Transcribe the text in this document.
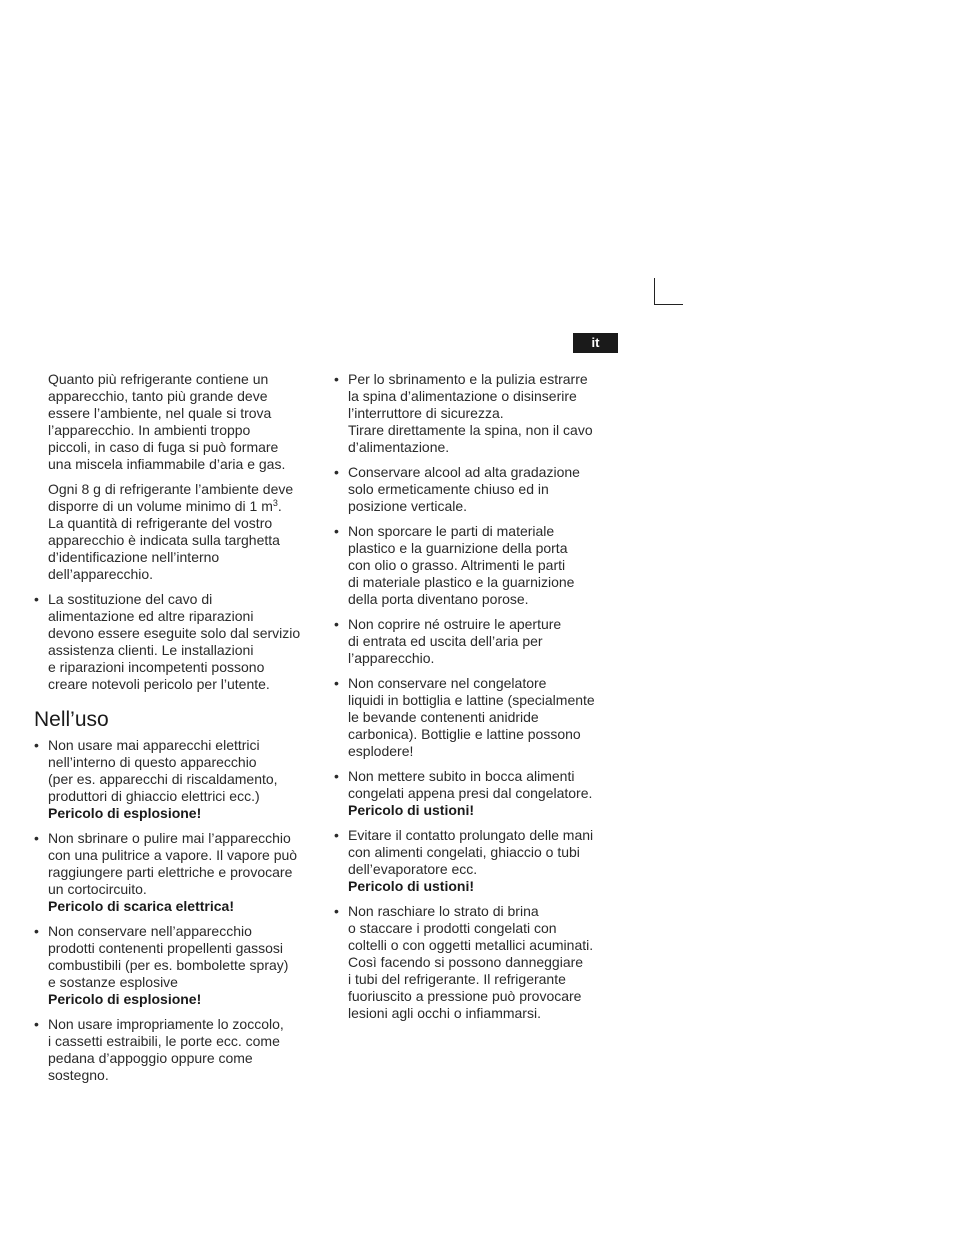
it

Quanto più refrigerante contiene un
apparecchio, tanto più grande deve
essere l’ambiente, nel quale si trova
l’apparecchio. In ambienti troppo
piccoli, in caso di fuga si può formare
una miscela infiammabile d’aria e gas.

Ogni 8 g di refrigerante l’ambiente deve
disporre di un volume minimo di 1 $m^3$.
La quantità di refrigerante del vostro
apparecchio è indicata sulla targhetta
d’identificazione nell’interno
dell’apparecchio.

• La sostituzione del cavo di
alimentazione ed altre riparazioni
devono essere eseguite solo dal servizio
assistenza clienti. Le installazioni
e riparazioni incompetenti possono
creare notevoli pericolo per l’utente.

Nell’uso
• Non usare mai apparecchi elettrici
nell’interno di questo apparecchio
(per es. apparecchi di riscaldamento,
produttori di ghiaccio elettrici ecc.)

Pericolo di esplosione!

• Non sbrinare o pulire mai l’apparecchio
con una pulitrice a vapore. Il vapore può
raggiungere parti elettriche e provocare
un cortocircuito.

Pericolo di scarica elettrica!

• Non conservare nell’apparecchio
prodotti contenenti propellenti gassosi
combustibili (per es. bombolette spray)
e sostanze esplosive

Pericolo di esplosione!

• Non usare impropriamente lo zoccolo,
i cassetti estraibili, le porte ecc. come
pedana d’appoggio oppure come
sostegno.

• Per lo sbrinamento e la pulizia estrarre
la spina d’alimentazione o disinserire
l’interruttore di sicurezza.
Tirare direttamente la spina, non il cavo
d’alimentazione.

• Conservare alcool ad alta gradazione
solo ermeticamente chiuso ed in
posizione verticale.

• Non sporcare le parti di materiale
plastico e la guarnizione della porta
con olio o grasso. Altrimenti le parti
di materiale plastico e la guarnizione
della porta diventano porose.

• Non coprire né ostruire le aperture
di entrata ed uscita dell’aria per
l’apparecchio.

• Non conservare nel congelatore
liquidi in bottiglia e lattine (specialmente
le bevande contenenti anidride
carbonica). Bottiglie e lattine possono
esplodere!

• Non mettere subito in bocca alimenti
congelati appena presi dal congelatore.

Pericolo di ustioni!

• Evitare il contatto prolungato delle mani
con alimenti congelati, ghiaccio o tubi
dell’evaporatore ecc.

Pericolo di ustioni!

• Non raschiare lo strato di brina
o staccare i prodotti congelati con
coltelli o con oggetti metallici acuminati.
Così facendo si possono danneggiare
i tubi del refrigerante. Il refrigerante
fuoriuscito a pressione può provocare
lesioni agli occhi o infiammarsi.
